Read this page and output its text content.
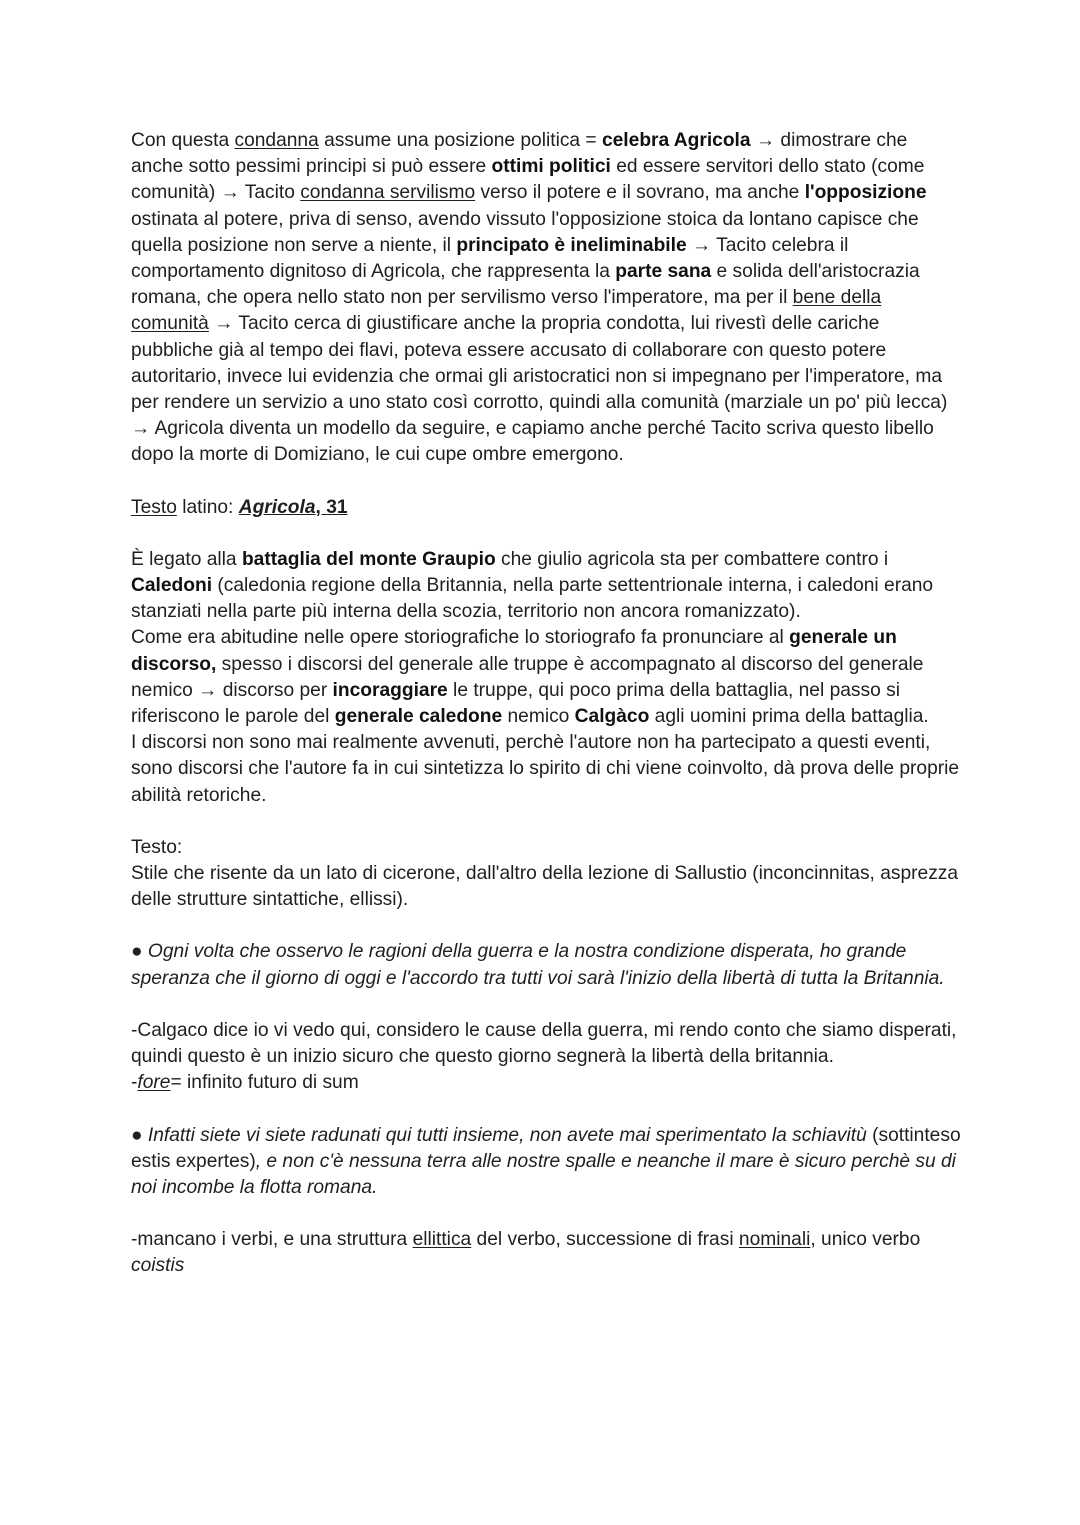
Con questa condanna assume una posizione politica = celebra Agricola → dimostrare che anche sotto pessimi principi si può essere ottimi politici ed essere servitori dello stato (come comunità) → Tacito condanna servilismo verso il potere e il sovrano, ma anche l'opposizione ostinata al potere, priva di senso, avendo vissuto l'opposizione stoica da lontano capisce che quella posizione non serve a niente, il principato è ineliminabile → Tacito celebra il comportamento dignitoso di Agricola, che rappresenta la parte sana e solida dell'aristocrazia romana, che opera nello stato non per servilismo verso l'imperatore, ma per il bene della comunità → Tacito cerca di giustificare anche la propria condotta, lui rivestì delle cariche pubbliche già al tempo dei flavi, poteva essere accusato di collaborare con questo potere autoritario, invece lui evidenzia che ormai gli aristocratici non si impegnano per l'imperatore, ma per rendere un servizio a uno stato così corrotto, quindi alla comunità (marziale un po' più lecca) → Agricola diventa un modello da seguire, e capiamo anche perché Tacito scriva questo libello dopo la morte di Domiziano, le cui cupe ombre emergono.

Testo latino: Agricola, 31

È legato alla battaglia del monte Graupio che giulio agricola sta per combattere contro i Caledoni (caledonia regione della Britannia, nella parte settentrionale interna, i caledoni erano stanziati nella parte più interna della scozia, territorio non ancora romanizzato).
Come era abitudine nelle opere storiografiche lo storiografo fa pronunciare al generale un discorso, spesso i discorsi del generale alle truppe è accompagnato al discorso del generale nemico → discorso per incoraggiare le truppe, qui poco prima della battaglia, nel passo si riferiscono le parole del generale caledone nemico Calgàco agli uomini prima della battaglia.
I discorsi non sono mai realmente avvenuti, perchè l'autore non ha partecipato a questi eventi, sono discorsi che l'autore fa in cui sintetizza lo spirito di chi viene coinvolto, dà prova delle proprie abilità retoriche.

Testo:
Stile che risente da un lato di cicerone, dall'altro della lezione di Sallustio (inconcinnitas, asprezza delle strutture sintattiche, ellissi).

● Ogni volta che osservo le ragioni della guerra e la nostra condizione disperata, ho grande speranza che il giorno di oggi e l'accordo tra tutti voi sarà l'inizio della libertà di tutta la Britannia.

-Calgaco dice io vi vedo qui, considero le cause della guerra, mi rendo conto che siamo disperati, quindi questo è un inizio sicuro che questo giorno segnerà la libertà della britannia.
-fore= infinito futuro di sum

● Infatti siete vi siete radunati qui tutti insieme, non avete mai sperimentato la schiavitù (sottinteso estis expertes), e non c'è nessuna terra alle nostre spalle e neanche il mare è sicuro perchè su di noi incombe la flotta romana.

-mancano i verbi, e una struttura ellittica del verbo, successione di frasi nominali, unico verbo coistis
